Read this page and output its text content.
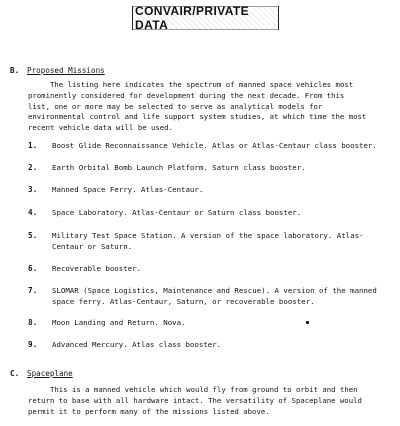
CONVAIR/PRIVATE DATA
B. Proposed Missions
The listing here indicates the spectrum of manned space vehicles most prominently considered for development during the next decade. From this list, one or more may be selected to serve as analytical models for environmental control and life support system studies, at which time the most recent vehicle data will be used.
1. Boost Glide Reconnaissance Vehicle. Atlas or Atlas-Centaur class booster.
2. Earth Orbital Bomb Launch Platform. Saturn class booster.
3. Manned Space Ferry. Atlas-Centaur.
4. Space Laboratory. Atlas-Centaur or Saturn class booster.
5. Military Test Space Station. A version of the space laboratory. Atlas-Centaur or Saturn.
6. Recoverable booster.
7. SLOMAR (Space Logistics, Maintenance and Rescue). A version of the manned space ferry. Atlas-Centaur, Saturn, or recoverable booster.
8. Moon Landing and Return. Nova.
9. Advanced Mercury. Atlas class booster.
C. Spaceplane
This is a manned vehicle which would fly from ground to orbit and then return to base with all hardware intact. The versatility of Spaceplane would permit it to perform many of the missions listed above.
